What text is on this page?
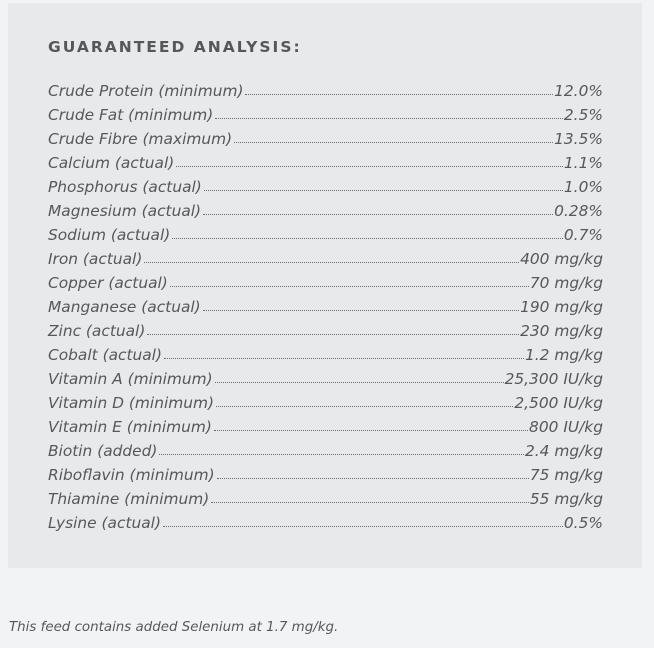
GUARANTEED ANALYSIS:
Crude Protein (minimum)	12.0%
Crude Fat (minimum)	2.5%
Crude Fibre (maximum)	13.5%
Calcium (actual)	1.1%
Phosphorus (actual)	1.0%
Magnesium (actual)	0.28%
Sodium (actual)	0.7%
Iron (actual)	400 mg/kg
Copper (actual)	70 mg/kg
Manganese (actual)	190 mg/kg
Zinc (actual)	230 mg/kg
Cobalt (actual)	1.2 mg/kg
Vitamin A (minimum)	25,300 IU/kg
Vitamin D (minimum)	2,500 IU/kg
Vitamin E (minimum)	800 IU/kg
Biotin (added)	2.4 mg/kg
Riboflavin (minimum)	75 mg/kg
Thiamine (minimum)	55 mg/kg
Lysine (actual)	0.5%

This feed contains added Selenium at 1.7 mg/kg.
